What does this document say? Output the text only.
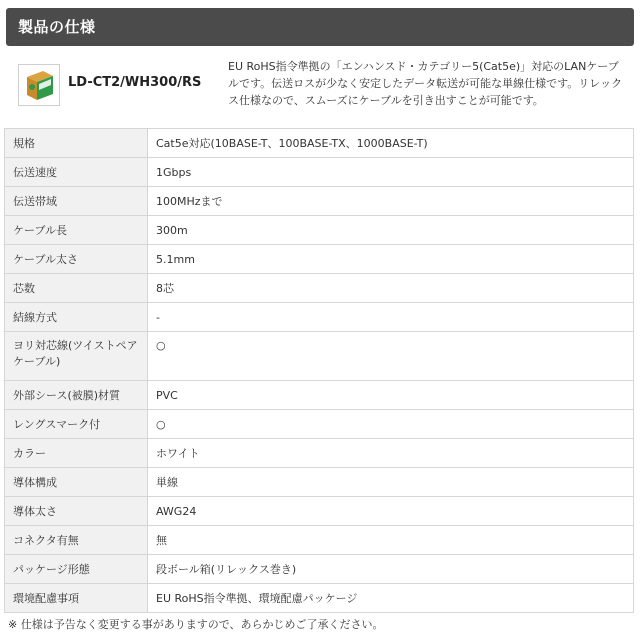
製品の仕様
LD-CT2/WH300/RS
EU RoHS指令準拠の「エンハンスド・カテゴリー5(Cat5e)」対応のLANケーブルです。伝送ロスが少なく安定したデータ転送が可能な単線仕様です。リレックス仕様なので、スムーズにケーブルを引き出すことが可能です。
規格	Cat5e対応(10BASE-T、100BASE-TX、1000BASE-T)
伝送速度	1Gbps
伝送帯域	100MHzまで
ケーブル長	300m
ケーブル太さ	5.1mm
芯数	8芯
結線方式	-
ヨリ対芯線(ツイストペアケーブル)	○
外部シース(被膜)材質	PVC
レングスマーク付	○
カラー	ホワイト
導体構成	単線
導体太さ	AWG24
コネクタ有無	無
パッケージ形態	段ボール箱(リレックス巻き)
環境配慮事項	EU RoHS指令準拠、環境配慮パッケージ
※ 仕様は予告なく変更する事がありますので、あらかじめご了承ください。
